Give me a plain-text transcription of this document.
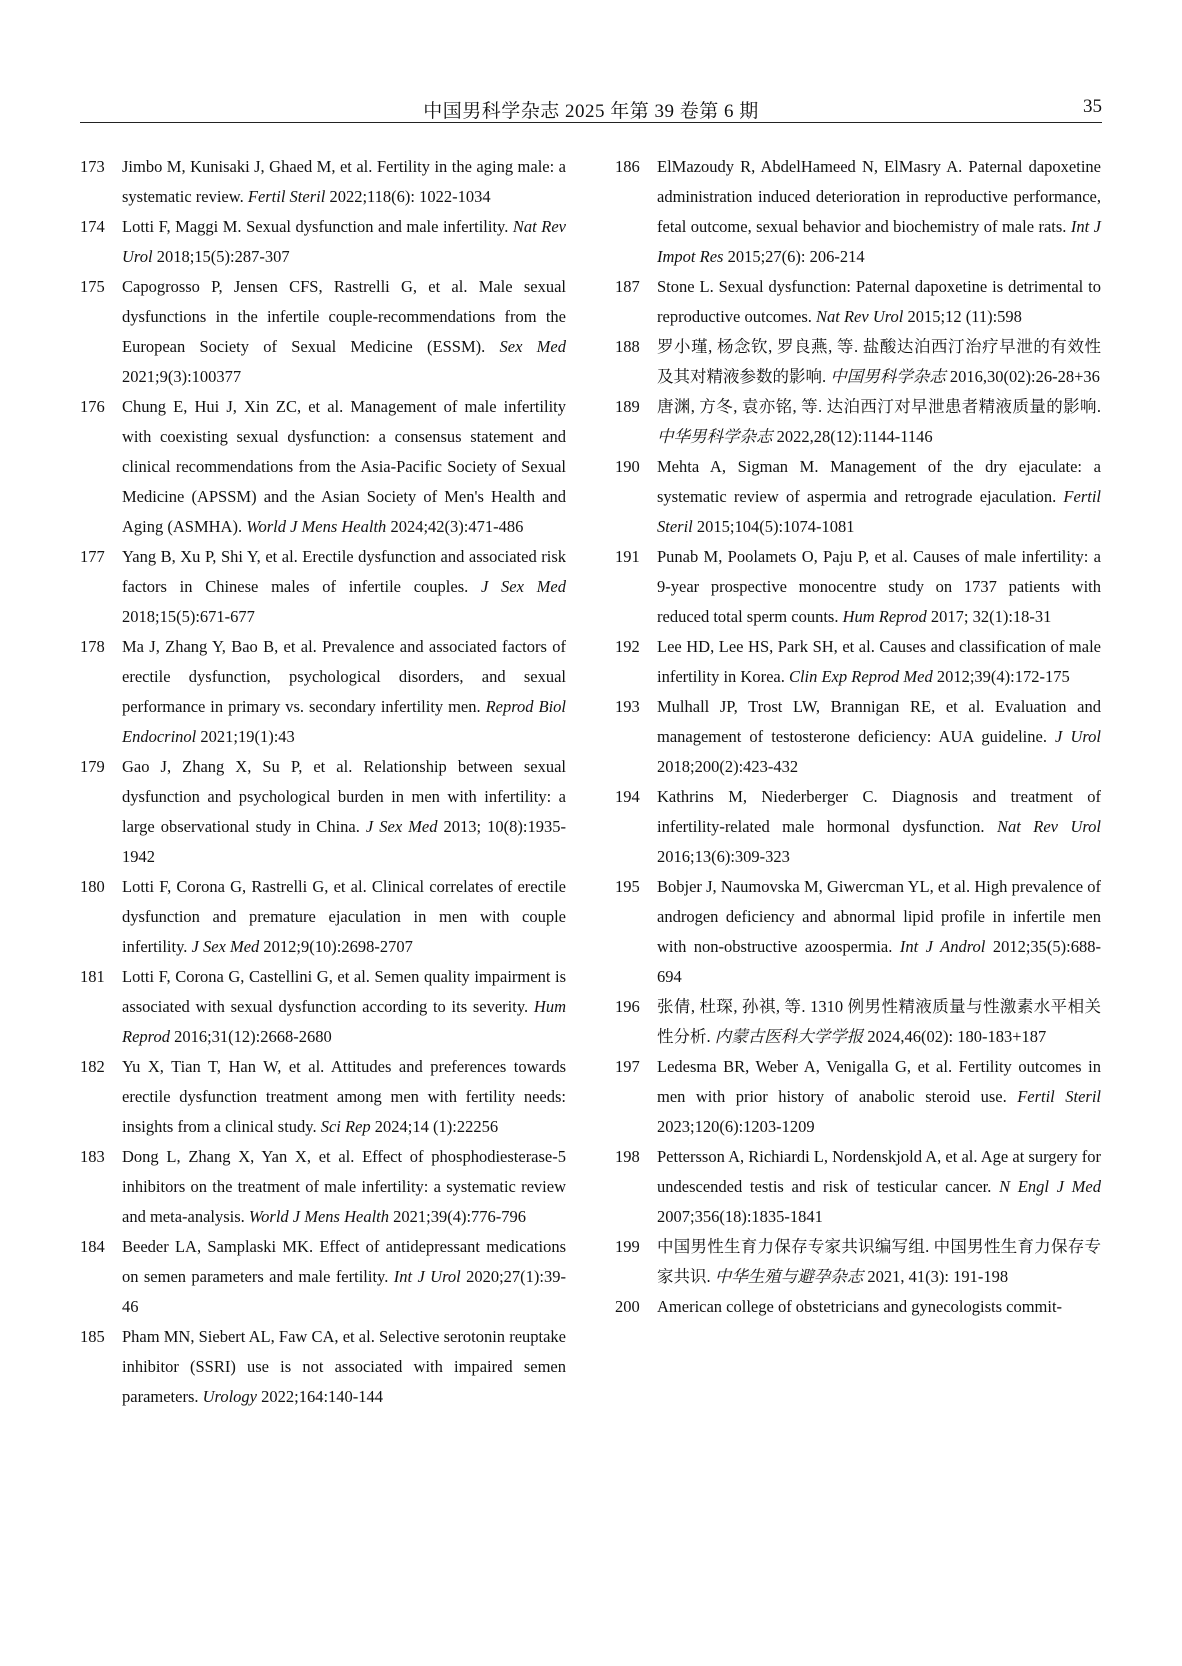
中国男科学杂志 2025 年第 39 卷第 6 期	35
173	Jimbo M, Kunisaki J, Ghaed M, et al. Fertility in the aging male: a systematic review. Fertil Steril 2022;118(6): 1022-1034
174	Lotti F, Maggi M. Sexual dysfunction and male infertility. Nat Rev Urol 2018;15(5):287-307
175	Capogrosso P, Jensen CFS, Rastrelli G, et al. Male sexual dysfunctions in the infertile couple-recommendations from the European Society of Sexual Medicine (ESSM). Sex Med 2021;9(3):100377
176	Chung E, Hui J, Xin ZC, et al. Management of male infertility with coexisting sexual dysfunction: a consensus statement and clinical recommendations from the Asia-Pacific Society of Sexual Medicine (APSSM) and the Asian Society of Men's Health and Aging (ASMHA). World J Mens Health 2024;42(3):471-486
177	Yang B, Xu P, Shi Y, et al. Erectile dysfunction and associated risk factors in Chinese males of infertile couples. J Sex Med 2018;15(5):671-677
178	Ma J, Zhang Y, Bao B, et al. Prevalence and associated factors of erectile dysfunction, psychological disorders, and sexual performance in primary vs. secondary infertility men. Reprod Biol Endocrinol 2021;19(1):43
179	Gao J, Zhang X, Su P, et al. Relationship between sexual dysfunction and psychological burden in men with infertility: a large observational study in China. J Sex Med 2013; 10(8):1935-1942
180	Lotti F, Corona G, Rastrelli G, et al. Clinical correlates of erectile dysfunction and premature ejaculation in men with couple infertility. J Sex Med 2012;9(10):2698-2707
181	Lotti F, Corona G, Castellini G, et al. Semen quality impairment is associated with sexual dysfunction according to its severity. Hum Reprod 2016;31(12):2668-2680
182	Yu X, Tian T, Han W, et al. Attitudes and preferences towards erectile dysfunction treatment among men with fertility needs: insights from a clinical study. Sci Rep 2024;14 (1):22256
183	Dong L, Zhang X, Yan X, et al. Effect of phosphodiesterase-5 inhibitors on the treatment of male infertility: a systematic review and meta-analysis. World J Mens Health 2021;39(4):776-796
184	Beeder LA, Samplaski MK. Effect of antidepressant medications on semen parameters and male fertility. Int J Urol 2020;27(1):39-46
185	Pham MN, Siebert AL, Faw CA, et al. Selective serotonin reuptake inhibitor (SSRI) use is not associated with impaired semen parameters. Urology 2022;164:140-144
186	ElMazoudy R, AbdelHameed N, ElMasry A. Paternal dapoxetine administration induced deterioration in reproductive performance, fetal outcome, sexual behavior and biochemistry of male rats. Int J Impot Res 2015;27(6): 206-214
187	Stone L. Sexual dysfunction: Paternal dapoxetine is detrimental to reproductive outcomes. Nat Rev Urol 2015;12 (11):598
188	罗小瑾, 杨念钦, 罗良燕, 等. 盐酸达泊西汀治疗早泄的有效性及其对精液参数的影响. 中国男科学杂志 2016,30(02):26-28+36
189	唐渊, 方冬, 袁亦铭, 等. 达泊西汀对早泄患者精液质量的影响. 中华男科学杂志 2022,28(12):1144-1146
190	Mehta A, Sigman M. Management of the dry ejaculate: a systematic review of aspermia and retrograde ejaculation. Fertil Steril 2015;104(5):1074-1081
191	Punab M, Poolamets O, Paju P, et al. Causes of male infertility: a 9-year prospective monocentre study on 1737 patients with reduced total sperm counts. Hum Reprod 2017; 32(1):18-31
192	Lee HD, Lee HS, Park SH, et al. Causes and classification of male infertility in Korea. Clin Exp Reprod Med 2012;39(4):172-175
193	Mulhall JP, Trost LW, Brannigan RE, et al. Evaluation and management of testosterone deficiency: AUA guideline. J Urol 2018;200(2):423-432
194	Kathrins M, Niederberger C. Diagnosis and treatment of infertility-related male hormonal dysfunction. Nat Rev Urol 2016;13(6):309-323
195	Bobjer J, Naumovska M, Giwercman YL, et al. High prevalence of androgen deficiency and abnormal lipid profile in infertile men with non-obstructive azoospermia. Int J Androl 2012;35(5):688-694
196	张倩, 杜琛, 孙祺, 等. 1310 例男性精液质量与性激素水平相关性分析. 内蒙古医科大学学报 2024,46(02): 180-183+187
197	Ledesma BR, Weber A, Venigalla G, et al. Fertility outcomes in men with prior history of anabolic steroid use. Fertil Steril 2023;120(6):1203-1209
198	Pettersson A, Richiardi L, Nordenskjold A, et al. Age at surgery for undescended testis and risk of testicular cancer. N Engl J Med 2007;356(18):1835-1841
199	中国男性生育力保存专家共识编写组. 中国男性生育力保存专家共识. 中华生殖与避孕杂志 2021, 41(3): 191-198
200	American college of obstetricians and gynecologists commit-
